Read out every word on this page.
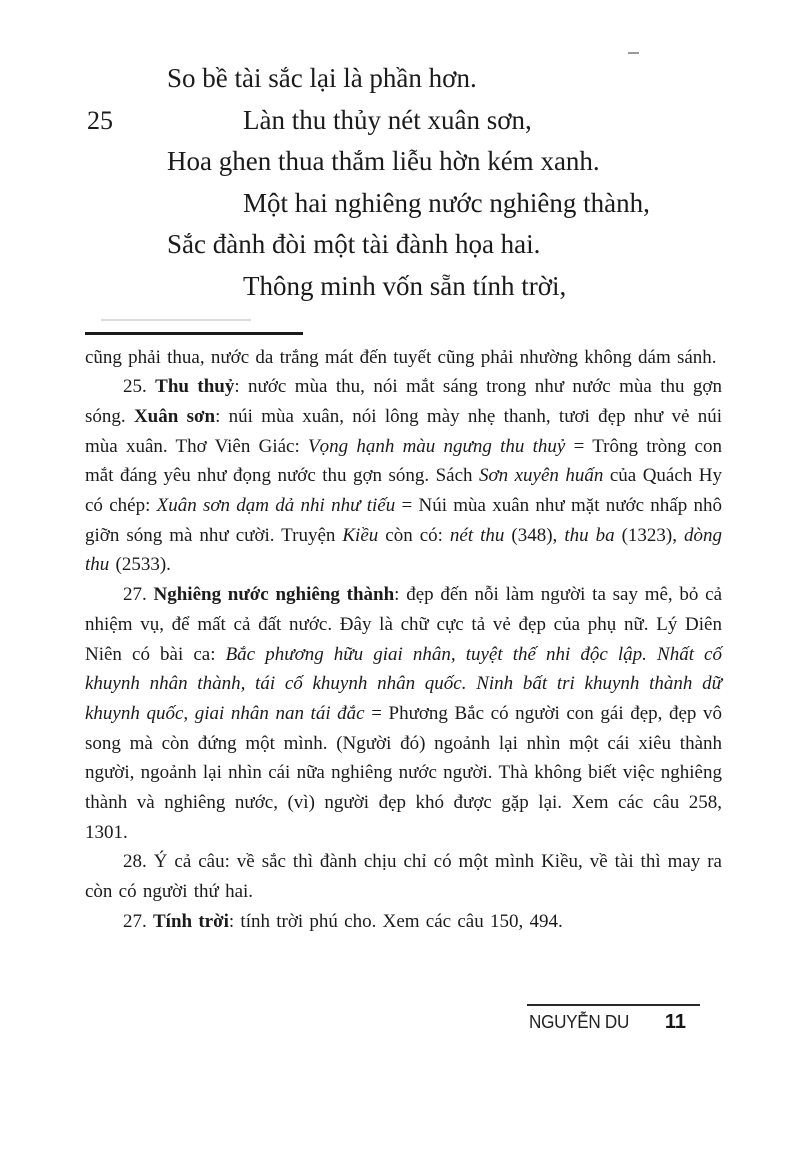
So bề tài sắc lại là phần hơn.
25	Làn thu thủy nét xuân sơn,
Hoa ghen thua thắm liễu hờn kém xanh.
Một hai nghiêng nước nghiêng thành,
Sắc đành đòi một tài đành họa hai.
Thông minh vốn sẵn tính trời,

cũng phải thua, nước da trắng mát đến tuyết cũng phải nhường không dám sánh.

25. Thu thuỷ: nước mùa thu, nói mắt sáng trong như nước mùa thu gợn sóng. Xuân sơn: núi mùa xuân, nói lông mày nhẹ thanh, tươi đẹp như vẻ núi mùa xuân. Thơ Viên Giác: Vọng hạnh màu ngưng thu thuỷ = Trông tròng con mắt đáng yêu như đọng nước thu gợn sóng. Sách Sơn xuyên huấn của Quách Hy có chép: Xuân sơn dạm dả nhi như tiếu = Núi mùa xuân như mặt nước nhấp nhô giỡn sóng mà như cười. Truyện Kiều còn có: nét thu (348), thu ba (1323), dòng thu (2533).

27. Nghiêng nước nghiêng thành: đẹp đến nỗi làm người ta say mê, bỏ cả nhiệm vụ, để mất cả đất nước. Đây là chữ cực tả vẻ đẹp của phụ nữ. Lý Diên Niên có bài ca: Bắc phương hữu giai nhân, tuyệt thế nhi độc lập. Nhất cố khuynh nhân thành, tái cố khuynh nhân quốc. Ninh bất tri khuynh thành dữ khuynh quốc, giai nhân nan tái đắc = Phương Bắc có người con gái đẹp, đẹp vô song mà còn đứng một mình. (Người đó) ngoảnh lại nhìn một cái xiêu thành người, ngoảnh lại nhìn cái nữa nghiêng nước người. Thà không biết việc nghiêng thành và nghiêng nước, (vì) người đẹp khó được gặp lại. Xem các câu 258, 1301.

28. Ý cả câu: về sắc thì đành chịu chỉ có một mình Kiều, về tài thì may ra còn có người thứ hai.

27. Tính trời: tính trời phú cho. Xem các câu 150, 494.

NGUYỄN DU 11
